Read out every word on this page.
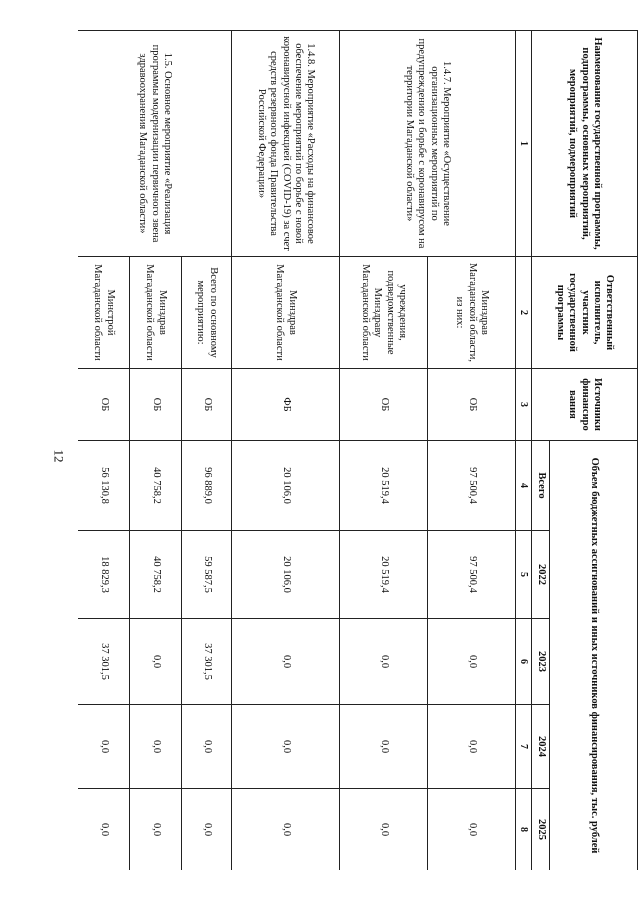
12
Наименование государственной программы, подпрограммы, основных мероприятий, мероприятий, подмероприятий	Ответственный исполнитель, участник государственной программы	Источники финансиро вания	Объем бюджетных ассигнований и иных источников финансирования, тыс. рублей				
			Всего	2022	2023	2024	2025
1	2	3	4	5	6	7	8
1.4.7. Мероприятие «Осуществление организационных мероприятий по предупреждению и борьбе с коронавирусом на территории Магаданской области»	Минздрав Магаданской области, из них:	ОБ	97 500,4	97 500,4	0,0	0,0	0,0
	учреждения, подведомственные Минздраву Магаданской области	ОБ	20 519,4	20 519,4	0,0	0,0	0,0
1.4.8. Мероприятие «Расходы на финансовое обеспечение мероприятий по борьбе с новой коронавирусной инфекцией (COVID-19) за счет средств резервного фонда Правительства Российской Федерации»	Минздрав Магаданской области	ФБ	20 106,0	20 106,0	0,0	0,0	0,0
1.5. Основное мероприятие «Реализация программы модернизации первичного звена здравоохранения Магаданской области»	Всего по основному мероприятию:	ОБ	96 889,0	59 587,5	37 301,5	0,0	0,0
	Минздрав Магаданской области	ОБ	40 758,2	40 758,2	0,0	0,0	0,0
	Минстрой Магаданской области	ОБ	56 130,8	18 829,3	37 301,5	0,0	0,0
